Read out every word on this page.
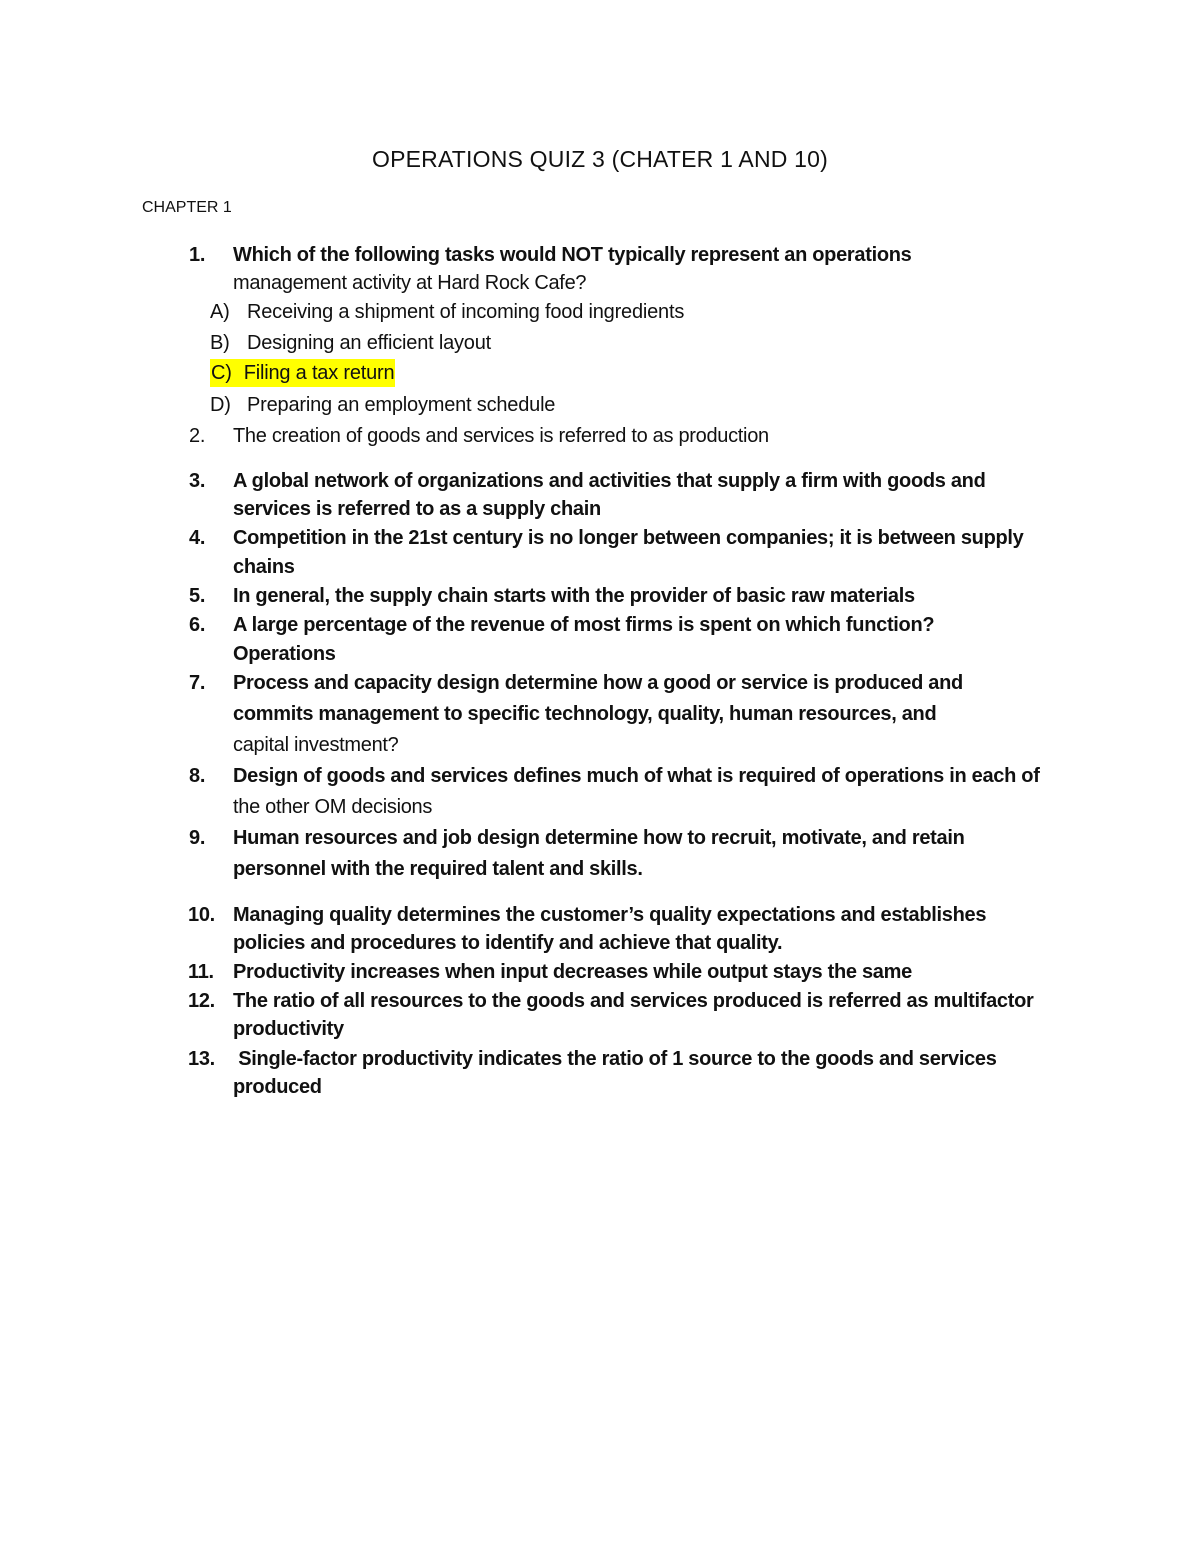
OPERATIONS QUIZ 3 (CHATER 1 AND 10)

CHAPTER 1

1. Which of the following tasks would NOT typically represent an operations
management activity at Hard Rock Cafe?
A) Receiving a shipment of incoming food ingredients
B) Designing an efficient layout
C) Filing a tax return
D) Preparing an employment schedule
2. The creation of goods and services is referred to as production
3. A global network of organizations and activities that supply a firm with goods and
services is referred to as a supply chain
4. Competition in the 21st century is no longer between companies; it is between supply
chains
5. In general, the supply chain starts with the provider of basic raw materials
6. A large percentage of the revenue of most firms is spent on which function?
Operations
7. Process and capacity design determine how a good or service is produced and
commits management to specific technology, quality, human resources, and
capital investment?
8. Design of goods and services defines much of what is required of operations in each of
the other OM decisions
9. Human resources and job design determine how to recruit, motivate, and retain
personnel with the required talent and skills.
10. Managing quality determines the customer’s quality expectations and establishes
policies and procedures to identify and achieve that quality.
11. Productivity increases when input decreases while output stays the same
12. The ratio of all resources to the goods and services produced is referred as multifactor
productivity
13. Single-factor productivity indicates the ratio of 1 source to the goods and services
produced
